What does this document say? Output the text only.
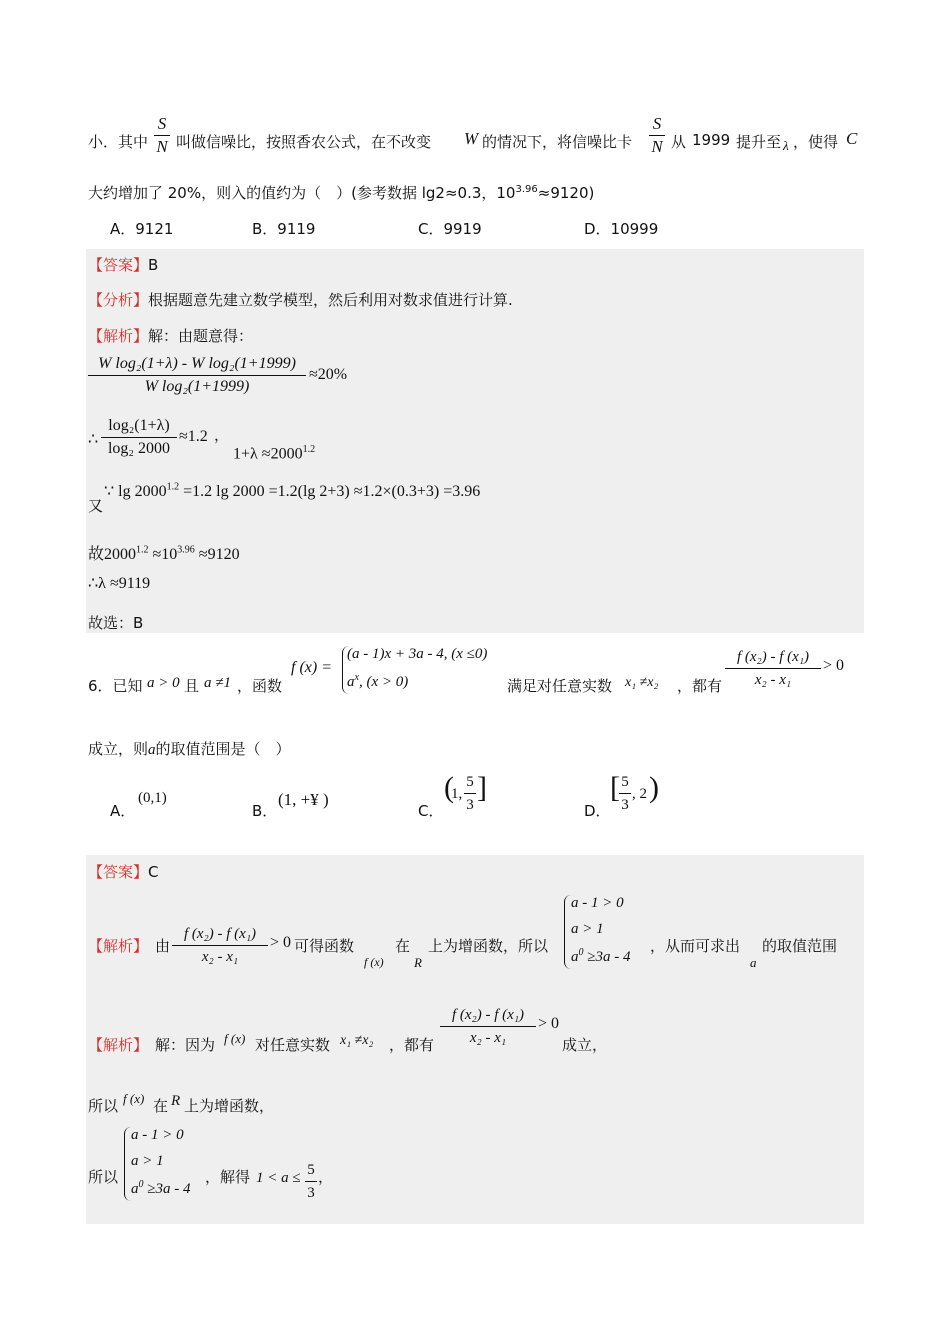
小．其中
S
N 叫做信噪比，按照香农公式，在不改变 W 的情况下，将信噪比卡
S
N 从 1999 提升至 λ ，使得 C
大约增加了 20%，则入的值约为（　）(参考数据 lg2≈0.3，$10^{3.96}\approx 9120$)
A．9121	B．9119	C．9919	D．10999
【答案】B
【分析】根据题意先建立数学模型，然后利用对数求值进行计算.
【解析】解：由题意得：
W log₂(1+λ) - W log₂(1+1999)
W log₂(1+1999)
≈20%
∴
log₂(1+λ)
log₂ 2000
≈1.2 ，
$1+\lambda \approx 2000^{1.2}$
∵ $\lg 2000^{1.2} =1.2$ lg 2000 =1.2(lg 2+3) ≈1.2×(0.3+3) =3.96
又
故$2000^{1.2} \approx 10^{3.96} \approx 9120$
∴λ ≈9119
故选：B
6．已知 a > 0 且 a ≠1 ，函数
f (x) =
(a - 1)x + 3a - 4, (x ≤0)
$a^x$, (x > 0)	满足对任意实数 x₁ ≠x₂ ，都有
f (x₂) - f (x₁)
x₂ - x₁
> 0
成立，则a的取值范围是（　）
A．
(0,1)
B．
(1, +¥ )
C．
(
1,
5
3
]
D．
[ 5
3
, 2 )
【答案】C
【解析】 由
f (x₂) - f (x₁)
x₂ - x₁
> 0 可得函数
f (x)
在
R
上为增函数，所以
a - 1 > 0
a > 1
$a^0 \ge 3a - 4$
，从而可求出
a
的取值范围
【解析】 解：因为 f (x) 对任意实数 x₁ ≠x₂ ，都有
f (x₂) - f (x₁)
x₂ - x₁
> 0
成立，
所以 f (x) 在 R 上为增函数，
所以
a - 1 > 0
a > 1
$a^0 \ge 3a - 4$
，解得 1 < a ≤ 5
3
，
